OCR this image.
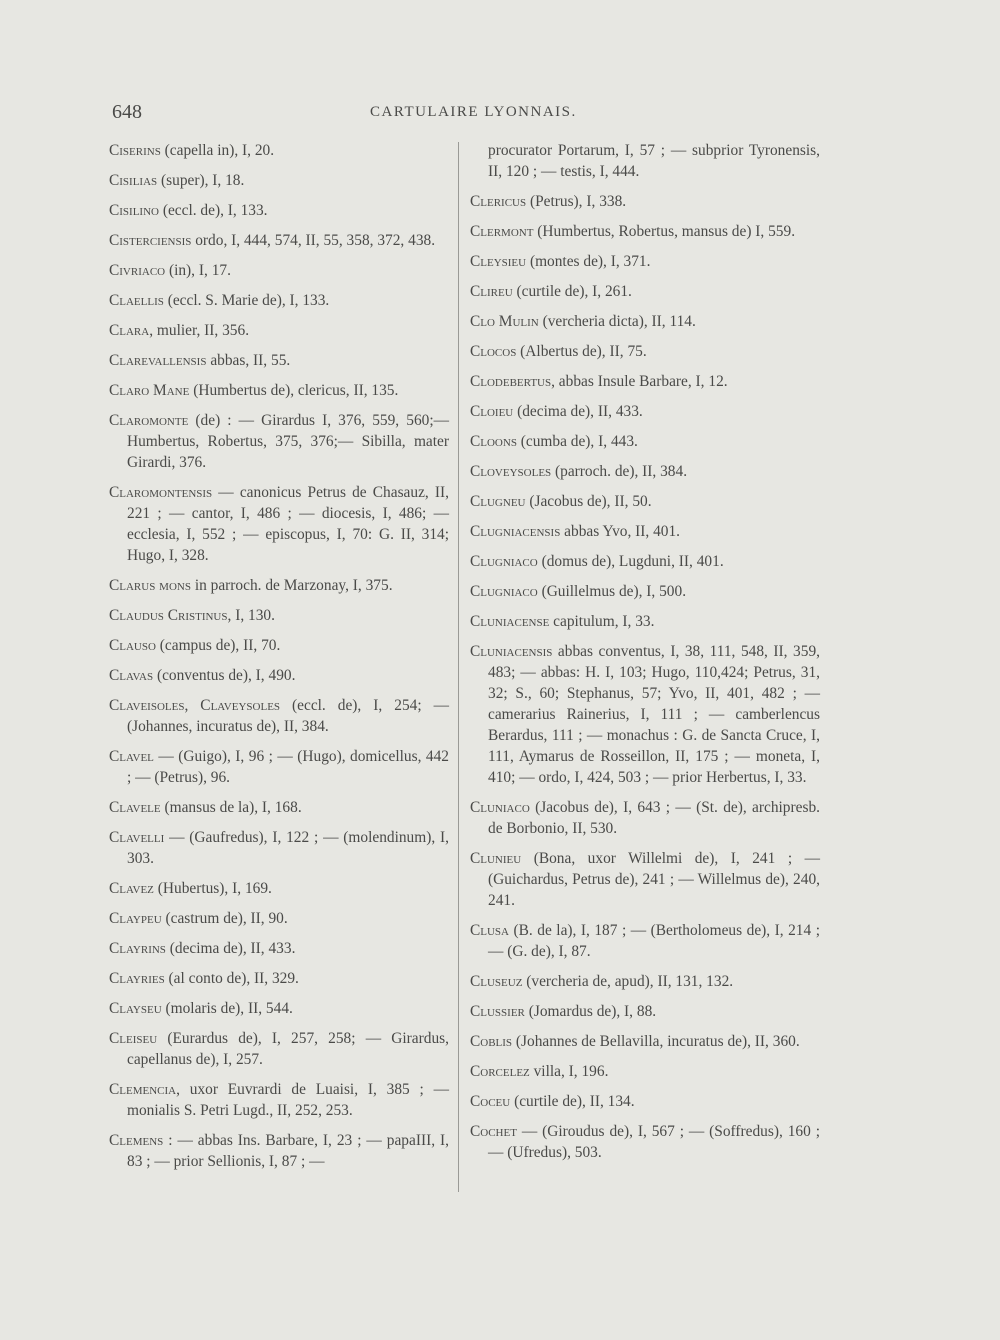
648	CARTULAIRE LYONNAIS.
Ciserins (capella in), I, 20.
Cisilias (super), I, 18.
Cisilino (eccl. de), I, 133.
Cisterciensis ordo, I, 444, 574, II, 55, 358, 372, 438.
Civriaco (in), I, 17.
Claellis (eccl. S. Marie de), I, 133.
Clara, mulier, II, 356.
Clarevallensis abbas, II, 55.
Claro Mane (Humbertus de), clericus, II, 135.
Claromonte (de) : — Girardus I, 376, 559, 560;— Humbertus, Robertus, 375, 376;— Sibilla, mater Girardi, 376.
Claromontensis — canonicus Petrus de Chasauz, II, 221 ; — cantor, I, 486 ; — diocesis, I, 486; — ecclesia, I, 552 ; — episcopus, I, 70: G. II, 314; Hugo, I, 328.
Clarus mons in parroch. de Marzonay, I, 375.
Claudus Cristinus, I, 130.
Clauso (campus de), II, 70.
Clavas (conventus de), I, 490.
Claveisoles, Claveysoles (eccl. de), I, 254; — (Johannes, incuratus de), II, 384.
Clavel — (Guigo), I, 96 ; — (Hugo), domicellus, 442 ; — (Petrus), 96.
Clavele (mansus de la), I, 168.
Clavelli — (Gaufredus), I, 122 ; — (molendinum), I, 303.
Clavez (Hubertus), I, 169.
Claypeu (castrum de), II, 90.
Clayrins (decima de), II, 433.
Clayries (al conto de), II, 329.
Clayseu (molaris de), II, 544.
Cleiseu (Eurardus de), I, 257, 258; — Girardus, capellanus de), I, 257.
Clemencia, uxor Euvrardi de Luaisi, I, 385 ; — monialis S. Petri Lugd., II, 252, 253.
Clemens : — abbas Ins. Barbare, I, 23 ; — papaIII, I, 83 ; — prior Sellionis, I, 87 ; —
procurator Portarum, I, 57 ; — subprior Tyronensis, II, 120 ; — testis, I, 444.
Clericus (Petrus), I, 338.
Clermont (Humbertus, Robertus, mansus de) I, 559.
Cleysieu (montes de), I, 371.
Clireu (curtile de), I, 261.
Clo Mulin (vercheria dicta), II, 114.
Clocos (Albertus de), II, 75.
Clodebertus, abbas Insule Barbare, I, 12.
Cloieu (decima de), II, 433.
Cloons (cumba de), I, 443.
Cloveysoles (parroch. de), II, 384.
Clugneu (Jacobus de), II, 50.
Clugniacensis abbas Yvo, II, 401.
Clugniaco (domus de), Lugduni, II, 401.
Clugniaco (Guillelmus de), I, 500.
Cluniacense capitulum, I, 33.
Cluniacensis abbas conventus, I, 38, 111, 548, II, 359, 483; — abbas: H. I, 103; Hugo, 110,424; Petrus, 31, 32; S., 60; Stephanus, 57; Yvo, II, 401, 482 ; — camerarius Rainerius, I, 111 ; — camberlencus Berardus, 111 ; — monachus : G. de Sancta Cruce, I, 111, Aymarus de Rosseillon, II, 175 ; — moneta, I, 410; — ordo, I, 424, 503 ; — prior Herbertus, I, 33.
Cluniaco (Jacobus de), I, 643 ; — (St. de), archipresb. de Borbonio, II, 530.
Clunieu (Bona, uxor Willelmi de), I, 241 ; — (Guichardus, Petrus de), 241 ; — Willelmus de), 240, 241.
Clusa (B. de la), I, 187 ; — (Bertholomeus de), I, 214 ; — (G. de), I, 87.
Cluseuz (vercheria de, apud), II, 131, 132.
Clussier (Jomardus de), I, 88.
Coblis (Johannes de Bellavilla, incuratus de), II, 360.
Corcelez villa, I, 196.
Coceu (curtile de), II, 134.
Cochet — (Giroudus de), I, 567 ; — (Soffredus), 160 ; — (Ufredus), 503.
